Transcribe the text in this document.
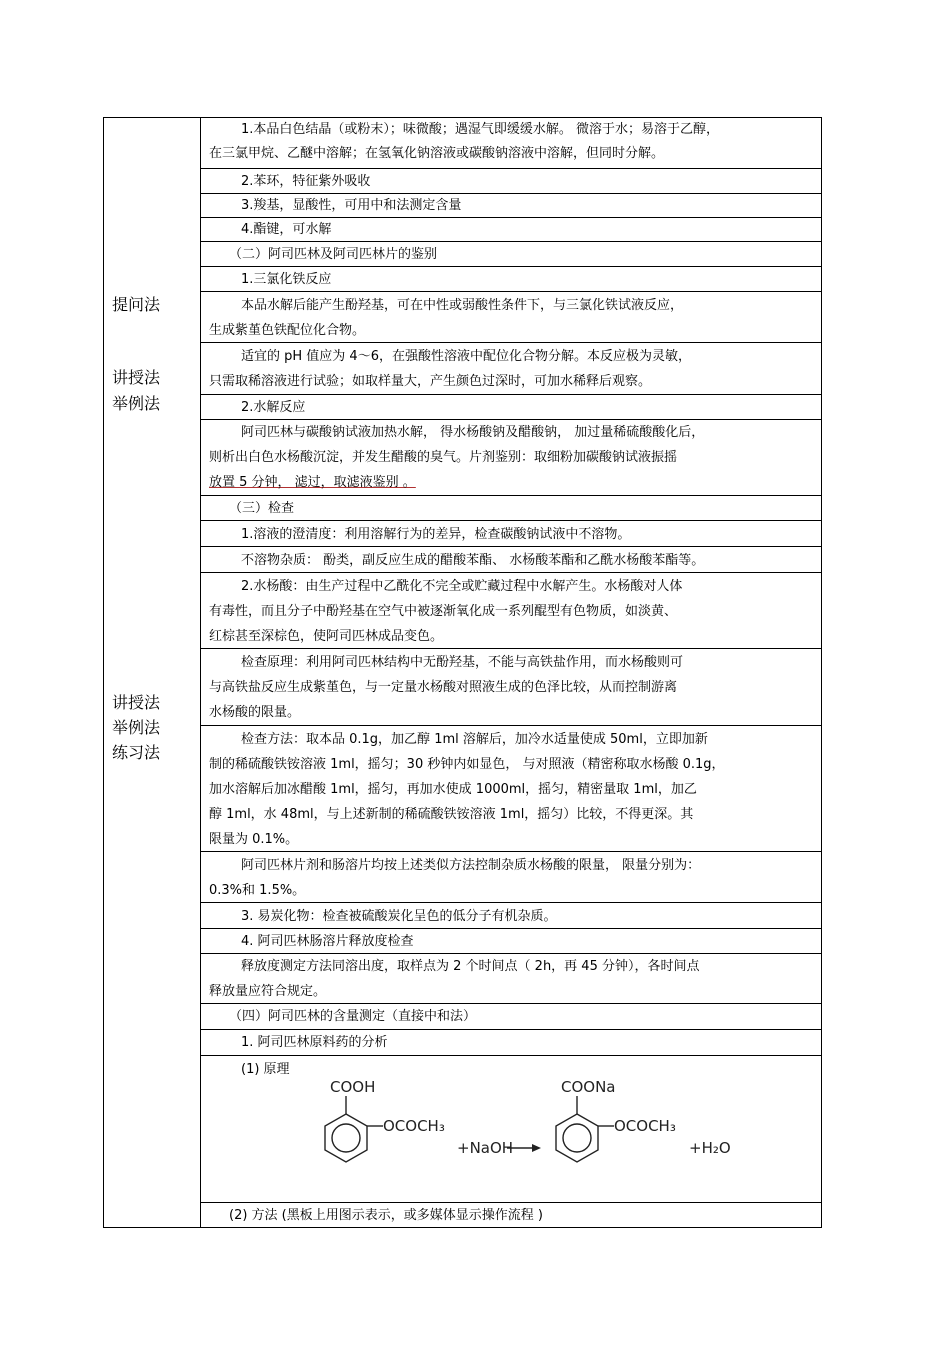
提问法
讲授法
举例法
讲授法
举例法
练习法
1.本品白色结晶（或粉末）；味微酸；遇湿气即缓缓水解。 微溶于水；易溶于乙醇，
在三氯甲烷、乙醚中溶解；在氢氧化钠溶液或碳酸钠溶液中溶解，但同时分解。
2.苯环，特征紫外吸收
3.羧基，显酸性，可用中和法测定含量
4.酯键，可水解
（二）阿司匹林及阿司匹林片的鉴别
1.三氯化铁反应
本品水解后能产生酚羟基，可在中性或弱酸性条件下，与三氯化铁试液反应，
生成紫堇色铁配位化合物。
适宜的 pH 值应为 4～6，在强酸性溶液中配位化合物分解。本反应极为灵敏，
只需取稀溶液进行试验；如取样量大，产生颜色过深时，可加水稀释后观察。
2.水解反应
阿司匹林与碳酸钠试液加热水解， 得水杨酸钠及醋酸钠， 加过量稀硫酸酸化后，
则析出白色水杨酸沉淀，并发生醋酸的臭气。片剂鉴别：取细粉加碳酸钠试液振摇
放置 5 分钟， 滤过，取滤液鉴别 。
（三）检查
1.溶液的澄清度：利用溶解行为的差异，检查碳酸钠试液中不溶物。
不溶物杂质： 酚类，副反应生成的醋酸苯酯、 水杨酸苯酯和乙酰水杨酸苯酯等。
2.水杨酸：由生产过程中乙酰化不完全或贮藏过程中水解产生。水杨酸对人体
有毒性，而且分子中酚羟基在空气中被逐渐氧化成一系列醌型有色物质，如淡黄、
红棕甚至深棕色，使阿司匹林成品变色。
检查原理：利用阿司匹林结构中无酚羟基，不能与高铁盐作用，而水杨酸则可
与高铁盐反应生成紫堇色，与一定量水杨酸对照液生成的色泽比较，从而控制游离
水杨酸的限量。
检查方法：取本品 0.1g，加乙醇 1ml 溶解后，加冷水适量使成 50ml，立即加新
制的稀硫酸铁铵溶液 1ml，摇匀；30 秒钟内如显色， 与对照液（精密称取水杨酸 0.1g，
加水溶解后加冰醋酸 1ml，摇匀，再加水使成 1000ml，摇匀，精密量取 1ml，加乙
醇 1ml，水 48ml，与上述新制的稀硫酸铁铵溶液 1ml，摇匀）比较，不得更深。其
限量为 0.1%。
阿司匹林片剂和肠溶片均按上述类似方法控制杂质水杨酸的限量， 限量分别为：
0.3%和 1.5%。
3. 易炭化物：检查被硫酸炭化呈色的低分子有机杂质。
4. 阿司匹林肠溶片释放度检查
释放度测定方法同溶出度，取样点为 2 个时间点（ 2h，再 45 分钟），各时间点
释放量应符合规定。
（四）阿司匹林的含量测定（直接中和法）
1. 阿司匹林原料药的分析
(1) 原理
COOH
OCOCH₃
+NaOH
COONa
OCOCH₃
+H₂O
(2) 方法 (黑板上用图示表示，或多媒体显示操作流程 )
